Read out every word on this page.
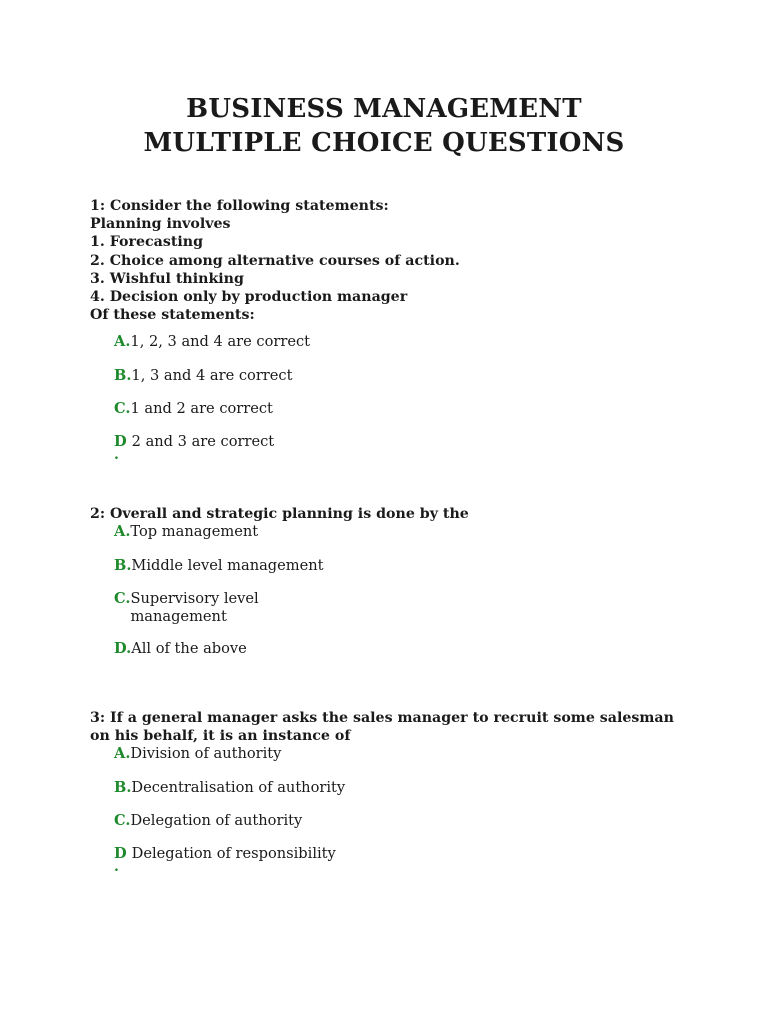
BUSINESS MANAGEMENT
MULTIPLE CHOICE QUESTIONS
1: Consider the following statements:
Planning involves
1. Forecasting
2. Choice among alternative courses of action.
3. Wishful thinking
4. Decision only by production manager
Of these statements:
A. 1, 2, 3 and 4 are correct
B. 1, 3 and 4 are correct
C. 1 and 2 are correct
D 2 and 3 are correct
.
2: Overall and strategic planning is done by the
A. Top management
B. Middle level management
C. Supervisory level management
D. All of the above
3: If a general manager asks the sales manager to recruit some salesman
on his behalf, it is an instance of
A. Division of authority
B. Decentralisation of authority
C. Delegation of authority
D Delegation of responsibility
.
